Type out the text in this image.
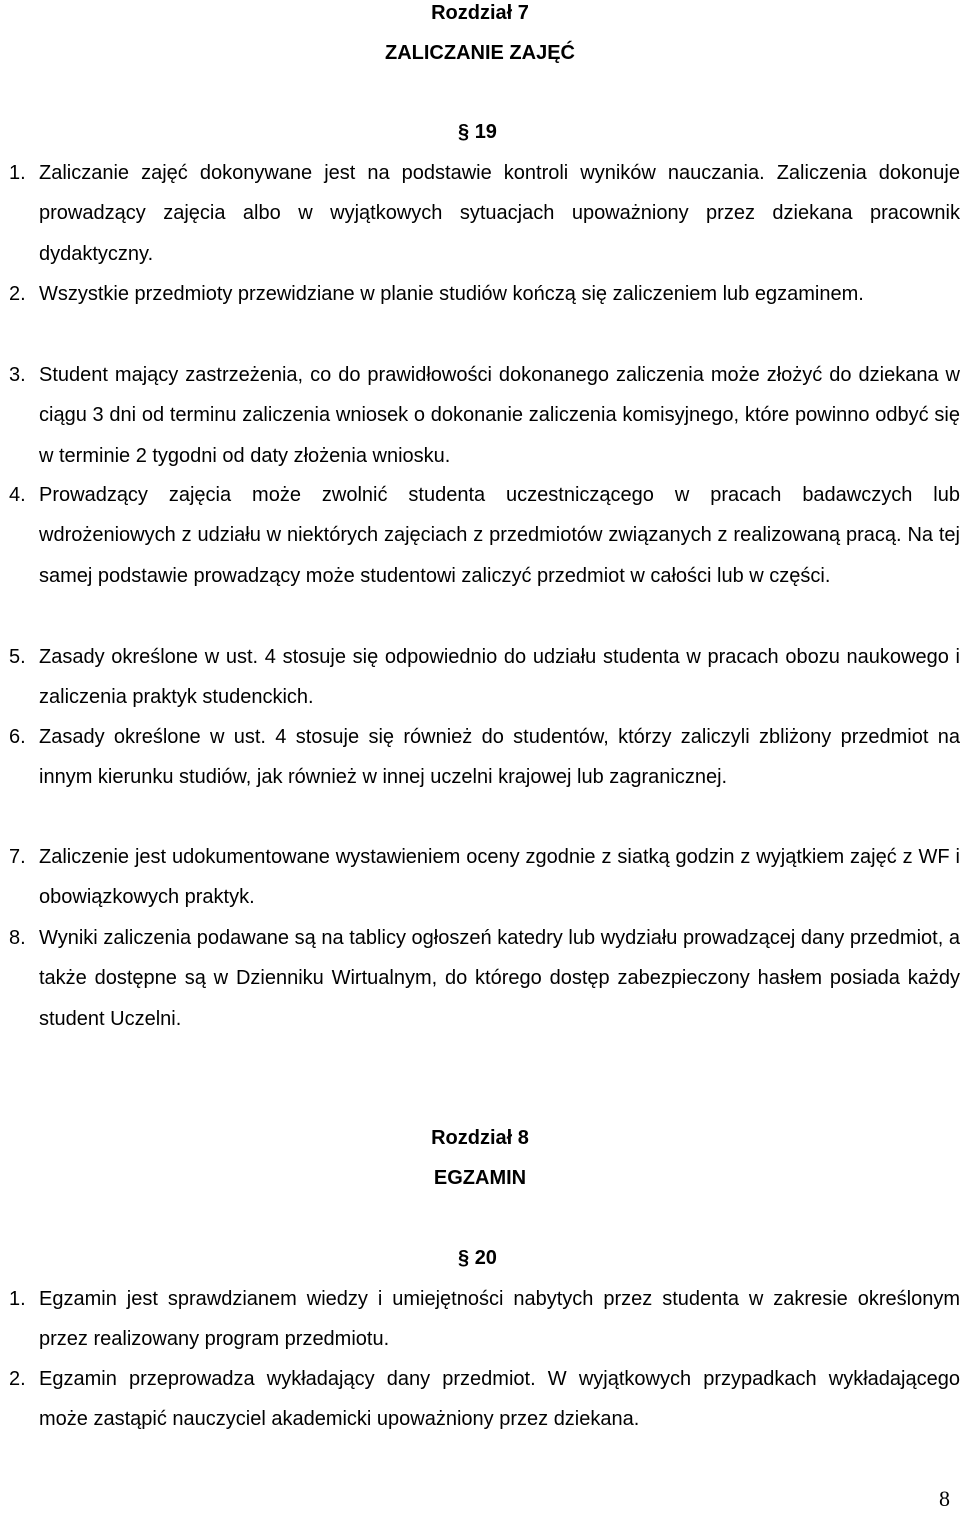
Rozdział 7
ZALICZANIE ZAJĘĆ
§ 19
1. Zaliczanie zajęć dokonywane jest na podstawie kontroli wyników nauczania. Zaliczenia dokonuje prowadzący zajęcia albo w wyjątkowych sytuacjach upoważniony przez dziekana pracownik dydaktyczny.
2. Wszystkie przedmioty przewidziane w planie studiów kończą się zaliczeniem lub egzaminem.
3. Student mający zastrzeżenia, co do prawidłowości dokonanego zaliczenia może złożyć do dziekana w ciągu 3 dni od terminu zaliczenia wniosek o dokonanie zaliczenia komisyjnego, które powinno odbyć się w terminie 2 tygodni od daty złożenia wniosku.
4. Prowadzący zajęcia może zwolnić studenta uczestniczącego w pracach badawczych lub wdrożeniowych z udziału w niektórych zajęciach z przedmiotów związanych z realizowaną pracą. Na tej samej podstawie prowadzący może studentowi zaliczyć przedmiot w całości lub w części.
5. Zasady określone w ust. 4 stosuje się odpowiednio do udziału studenta w pracach obozu naukowego i zaliczenia praktyk studenckich.
6. Zasady określone w ust. 4 stosuje się również do studentów, którzy zaliczyli zbliżony przedmiot na innym kierunku studiów, jak również w innej uczelni krajowej lub zagranicznej.
7. Zaliczenie jest udokumentowane wystawieniem oceny zgodnie z siatką godzin z wyjątkiem zajęć z WF i obowiązkowych praktyk.
8. Wyniki zaliczenia podawane są na tablicy ogłoszeń katedry lub wydziału prowadzącej dany przedmiot, a także dostępne są w Dzienniku Wirtualnym, do którego dostęp zabezpieczony hasłem posiada każdy student Uczelni.
Rozdział 8
EGZAMIN
§ 20
1. Egzamin jest sprawdzianem wiedzy i umiejętności nabytych przez studenta w zakresie określonym przez realizowany program przedmiotu.
2. Egzamin przeprowadza wykładający dany przedmiot. W wyjątkowych przypadkach wykładającego może zastąpić nauczyciel akademicki upoważniony przez dziekana.
8
